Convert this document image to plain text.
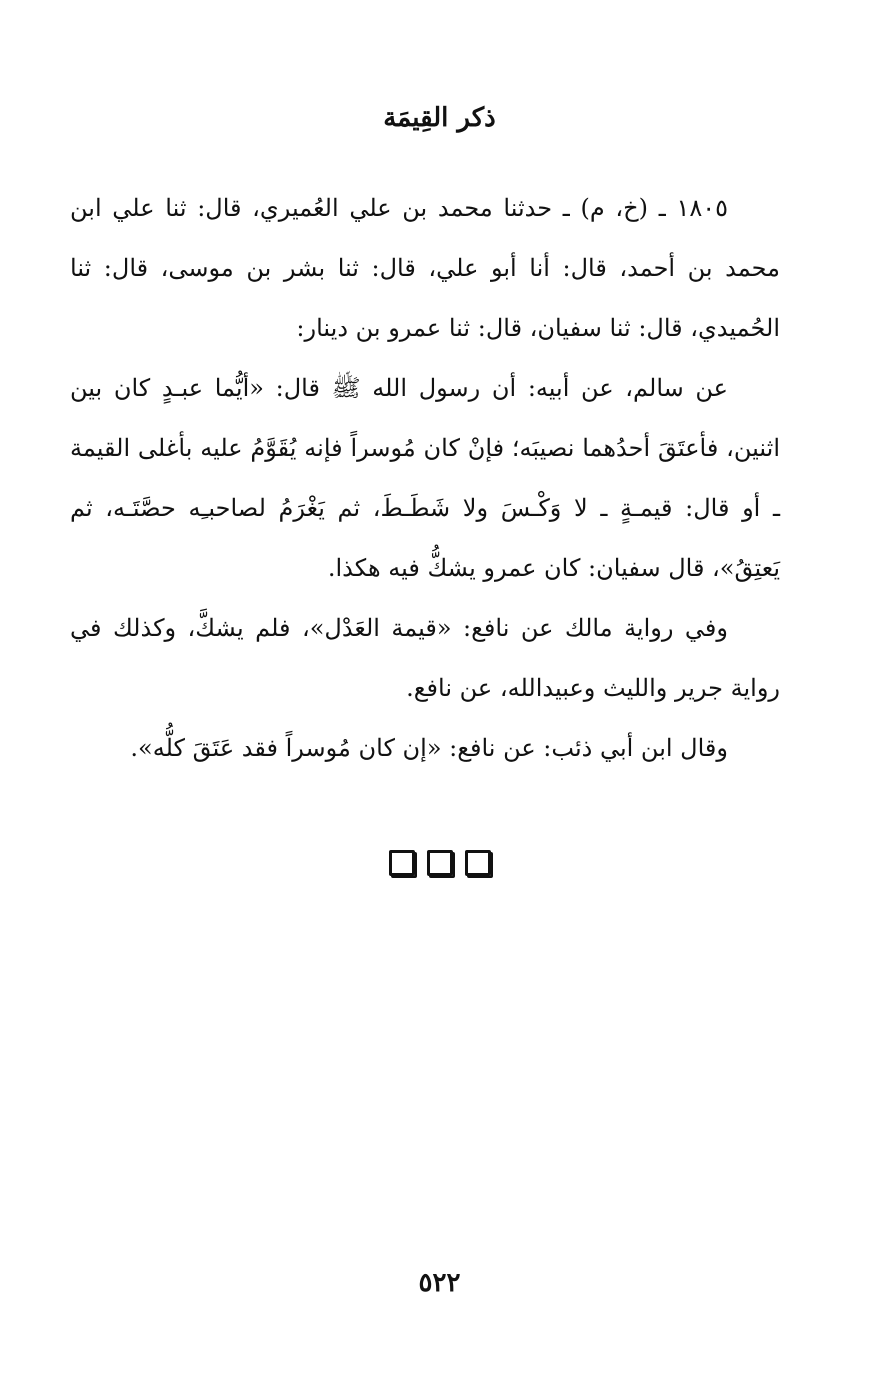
ذكر القِيمَة

١٨٠٥ ـ (خ، م) ـ حدثنا محمد بن علي العُميري، قال: ثنا علي ابن محمد بن أحمد، قال: أنا أبو علي، قال: ثنا بشر بن موسى، قال: ثنا الحُميدي، قال: ثنا سفيان، قال: ثنا عمرو بن دينار:

عن سالم، عن أبيه: أن رسول الله ﷺ قال: «أيُّما عبـدٍ كان بين اثنين، فأعتَقَ أحدُهما نصيبَه؛ فإنْ كان مُوسراً فإنه يُقَوَّمُ عليه بأغلى القيمة ـ أو قال: قيمـةٍ ـ لا وَكْـسَ ولا شَطَـطَ، ثم يَغْرَمُ لصاحبـِه حصَّتَـه، ثم يَعتِقُ»، قال سفيان: كان عمرو يشكُّ فيه هكذا.

وفي رواية مالك عن نافع: «قيمة العَدْل»، فلم يشكَّ، وكذلك في رواية جرير والليث وعبيدالله، عن نافع.

وقال ابن أبي ذئب: عن نافع: «إن كان مُوسراً فقد عَتَقَ كلُّه».

٥٢٢
